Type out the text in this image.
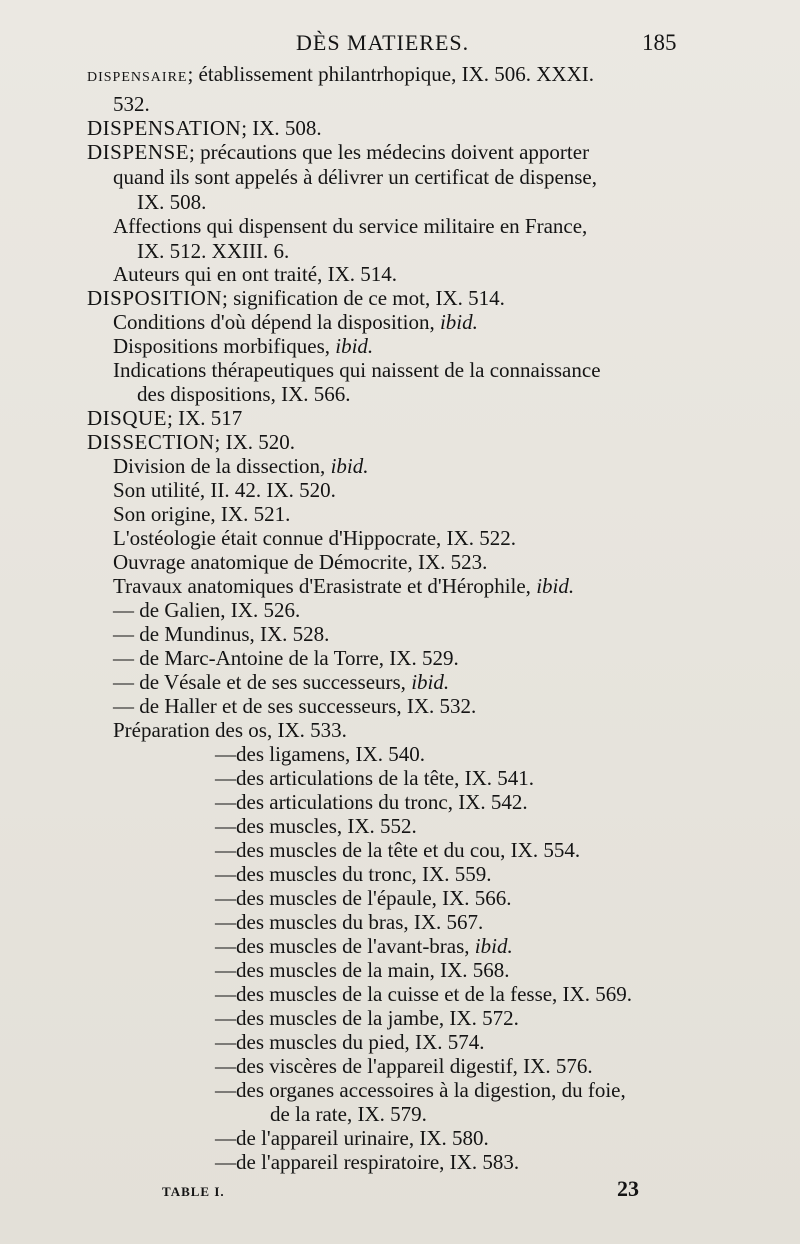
DÈS MATIERES.	185
DISPENSAIRE; établissement philantrhopique, IX. 506. XXXI.
532.
DISPENSATION; IX. 508.
DISPENSE; précautions que les médecins doivent apporter
quand ils sont appelés à délivrer un certificat de dispense,
IX. 508.
Affections qui dispensent du service militaire en France,
IX. 512. XXIII. 6.
Auteurs qui en ont traité, IX. 514.
DISPOSITION; signification de ce mot, IX. 514.
Conditions d'où dépend la disposition, ibid.
Dispositions morbifiques, ibid.
Indications thérapeutiques qui naissent de la connaissance
des dispositions, IX. 566.
DISQUE; IX. 517
DISSECTION; IX. 520.
Division de la dissection, ibid.
Son utilité, II. 42. IX. 520.
Son origine, IX. 521.
L'ostéologie était connue d'Hippocrate, IX. 522.
Ouvrage anatomique de Démocrite, IX. 523.
Travaux anatomiques d'Erasistrate et d'Hérophile, ibid.
— de Galien, IX. 526.
— de Mundinus, IX. 528.
— de Marc-Antoine de la Torre, IX. 529.
— de Vésale et de ses successeurs, ibid.
— de Haller et de ses successeurs, IX. 532.
Préparation des os, IX. 533.
—des ligamens, IX. 540.
—des articulations de la tête, IX. 541.
—des articulations du tronc, IX. 542.
—des muscles, IX. 552.
—des muscles de la tête et du cou, IX. 554.
—des muscles du tronc, IX. 559.
—des muscles de l'épaule, IX. 566.
—des muscles du bras, IX. 567.
—des muscles de l'avant-bras, ibid.
—des muscles de la main, IX. 568.
—des muscles de la cuisse et de la fesse, IX. 569.
—des muscles de la jambe, IX. 572.
—des muscles du pied, IX. 574.
—des viscères de l'appareil digestif, IX. 576.
—des organes accessoires à la digestion, du foie,
de la rate, IX. 579.
—de l'appareil urinaire, IX. 580.
—de l'appareil respiratoire, IX. 583.
TABLE I.	23
